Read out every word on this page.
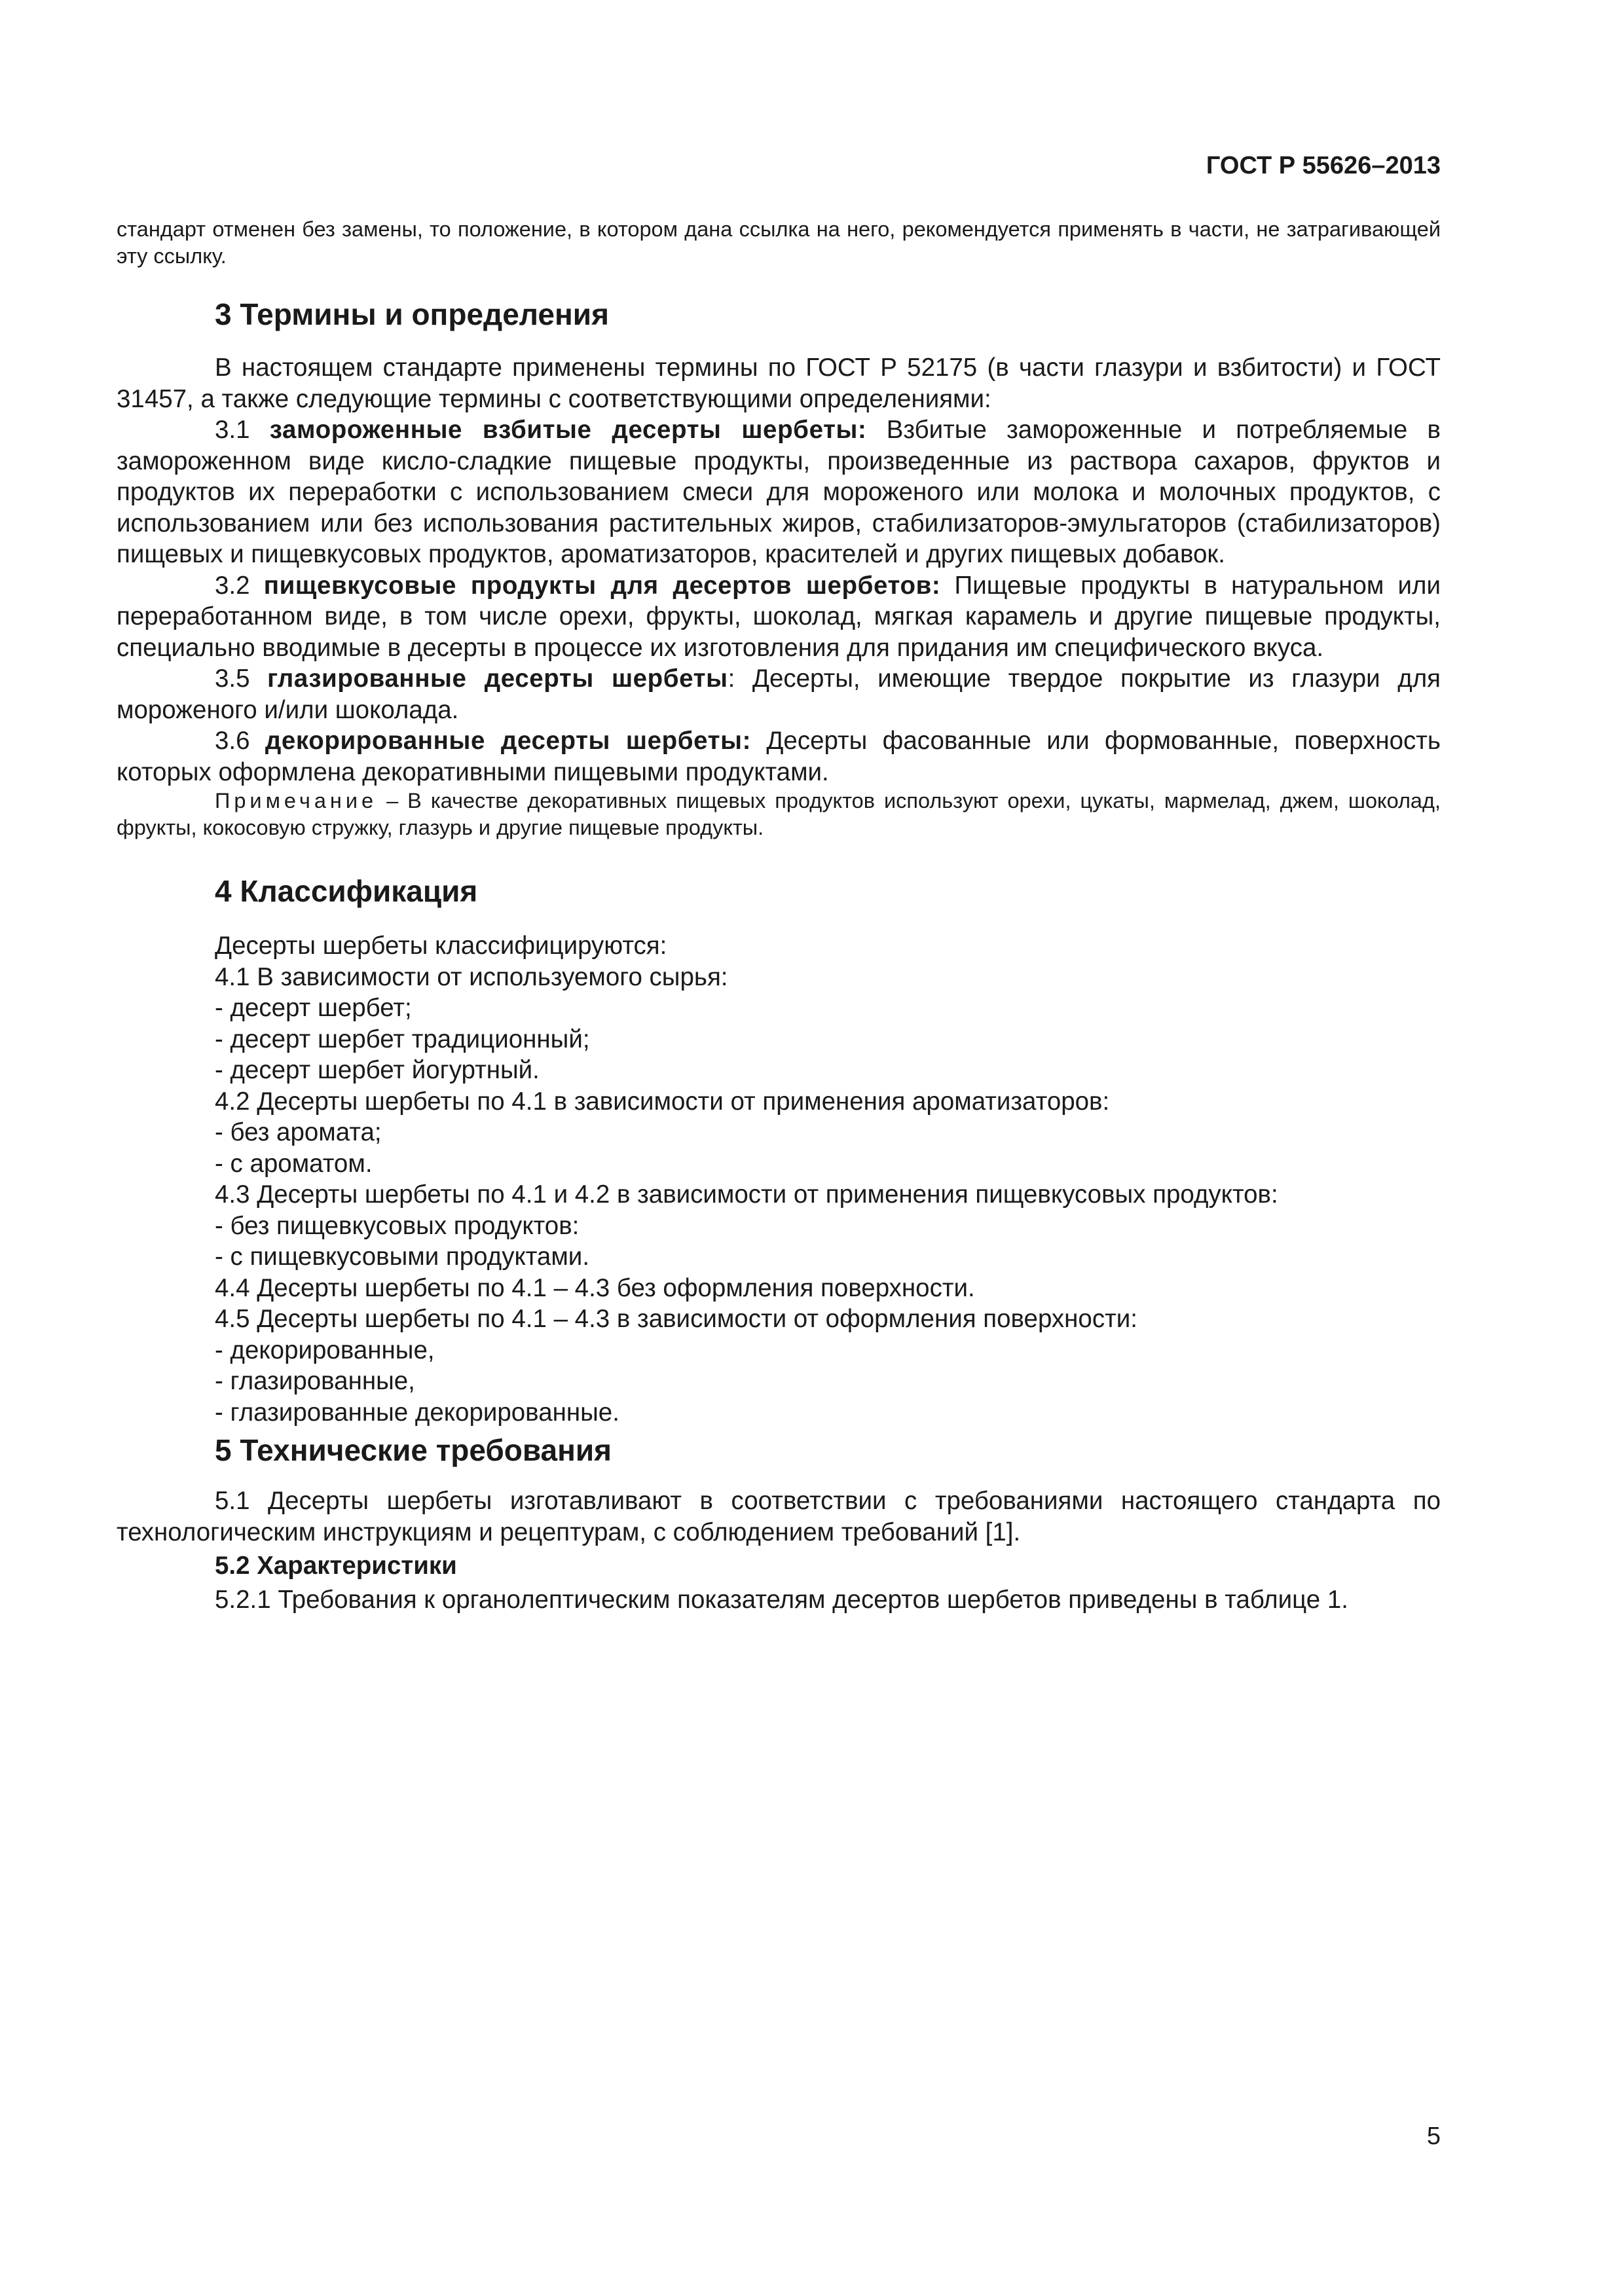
ГОСТ Р 55626–2013

стандарт отменен без замены, то положение, в котором дана ссылка на него, рекомендуется применять в части, не затрагивающей эту ссылку.

3 Термины и определения

В настоящем стандарте применены термины по ГОСТ Р 52175 (в части глазури и взбитости) и ГОСТ 31457, а также следующие термины с соответствующими определениями:

3.1 замороженные взбитые десерты шербеты: Взбитые замороженные и потребляемые в замороженном виде кисло-сладкие пищевые продукты, произведенные из раствора сахаров, фруктов и продуктов их переработки с использованием смеси для мороженого или молока и молочных продуктов, с использованием или без использования растительных жиров, стабилизаторов-эмульгаторов (стабилизаторов) пищевых и пищевкусовых продуктов, ароматизаторов, красителей и других пищевых добавок.

3.2 пищевкусовые продукты для десертов шербетов: Пищевые продукты в натуральном или переработанном виде, в том числе орехи, фрукты, шоколад, мягкая карамель и другие пищевые продукты, специально вводимые в десерты в процессе их изготовления для придания им специфического вкуса.

3.5 глазированные десерты шербеты: Десерты, имеющие твердое покрытие из глазури для мороженого и/или шоколада.

3.6 декорированные десерты шербеты: Десерты фасованные или формованные, поверхность которых оформлена декоративными пищевыми продуктами.

Примечание – В качестве декоративных пищевых продуктов используют орехи, цукаты, мармелад, джем, шоколад, фрукты, кокосовую стружку, глазурь и другие пищевые продукты.

4 Классификация

Десерты шербеты классифицируются:

4.1 В зависимости от используемого сырья:

- десерт шербет;

- десерт шербет традиционный;

- десерт шербет йогуртный.

4.2 Десерты шербеты по 4.1 в зависимости от применения ароматизаторов:

- без аромата;

- с ароматом.

4.3 Десерты шербеты по 4.1 и 4.2 в зависимости от применения пищевкусовых продуктов:

- без пищевкусовых продуктов:

- с пищевкусовыми продуктами.

4.4 Десерты шербеты по 4.1 – 4.3 без оформления поверхности.

4.5 Десерты шербеты по 4.1 – 4.3 в зависимости от оформления поверхности:

- декорированные,

- глазированные,

- глазированные декорированные.

5 Технические требования

5.1 Десерты шербеты изготавливают в соответствии с требованиями настоящего стандарта по технологическим инструкциям и рецептурам, с соблюдением требований [1].

5.2 Характеристики

5.2.1 Требования к органолептическим показателям десертов шербетов приведены в таблице 1.

5
